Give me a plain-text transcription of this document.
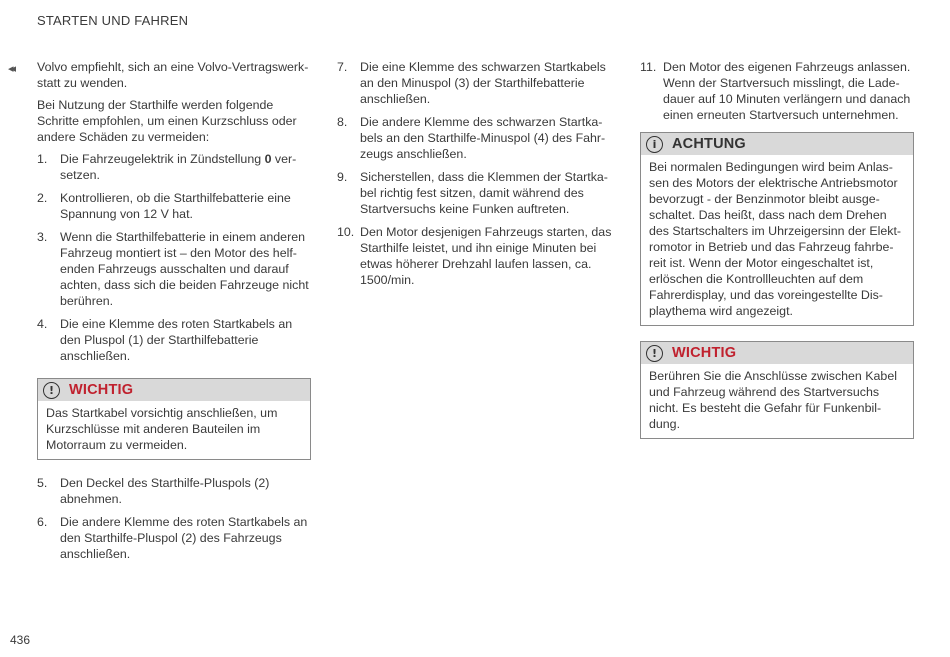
STARTEN UND FAHREN
◂◂ Volvo empfiehlt, sich an eine Volvo-Vertragswerk-statt zu wenden.

Bei Nutzung der Starthilfe werden folgende Schritte empfohlen, um einen Kurzschluss oder andere Schäden zu vermeiden:

1. Die Fahrzeugelektrik in Zündstellung 0 ver-setzen.
2. Kontrollieren, ob die Starthilfebatterie eine Spannung von 12 V hat.
3. Wenn die Starthilfebatterie in einem anderen Fahrzeug montiert ist – den Motor des helf-enden Fahrzeugs ausschalten und darauf achten, dass sich die beiden Fahrzeuge nicht berühren.
4. Die eine Klemme des roten Startkabels an den Pluspol (1) der Starthilfebatterie anschließen.
!	WICHTIG
Das Startkabel vorsichtig anschließen, um Kurzschlüsse mit anderen Bauteilen im Motorraum zu vermeiden.
5. Den Deckel des Starthilfe-Pluspols (2) abnehmen.
6. Die andere Klemme des roten Startkabels an den Starthilfe-Pluspol (2) des Fahrzeugs anschließen.
7. Die eine Klemme des schwarzen Startkabels an den Minuspol (3) der Starthilfebatterie anschließen.
8. Die andere Klemme des schwarzen Startka-bels an den Starthilfe-Minuspol (4) des Fahr-zeugs anschließen.
9. Sicherstellen, dass die Klemmen der Startka-bel richtig fest sitzen, damit während des Startversuchs keine Funken auftreten.
10. Den Motor desjenigen Fahrzeugs starten, das Starthilfe leistet, und ihn einige Minuten bei etwas höherer Drehzahl laufen lassen, ca. 1500/min.
11. Den Motor des eigenen Fahrzeugs anlassen. Wenn der Startversuch misslingt, die Lade-dauer auf 10 Minuten verlängern und danach einen erneuten Startversuch unternehmen.
i	ACHTUNG
Bei normalen Bedingungen wird beim Anlas-sen des Motors der elektrische Antriebsmotor bevorzugt - der Benzinmotor bleibt ausge-schaltet. Das heißt, dass nach dem Drehen des Startschalters im Uhrzeigersinn der Elekt-romotor in Betrieb und das Fahrzeug fahrbe-reit ist. Wenn der Motor eingeschaltet ist, erlöschen die Kontrollleuchten auf dem Fahrerdisplay, und das voreingestellte Dis-playthema wird angezeigt.
!	WICHTIG
Berühren Sie die Anschlüsse zwischen Kabel und Fahrzeug während des Startversuchs nicht. Es besteht die Gefahr für Funkenbil-dung.
436
